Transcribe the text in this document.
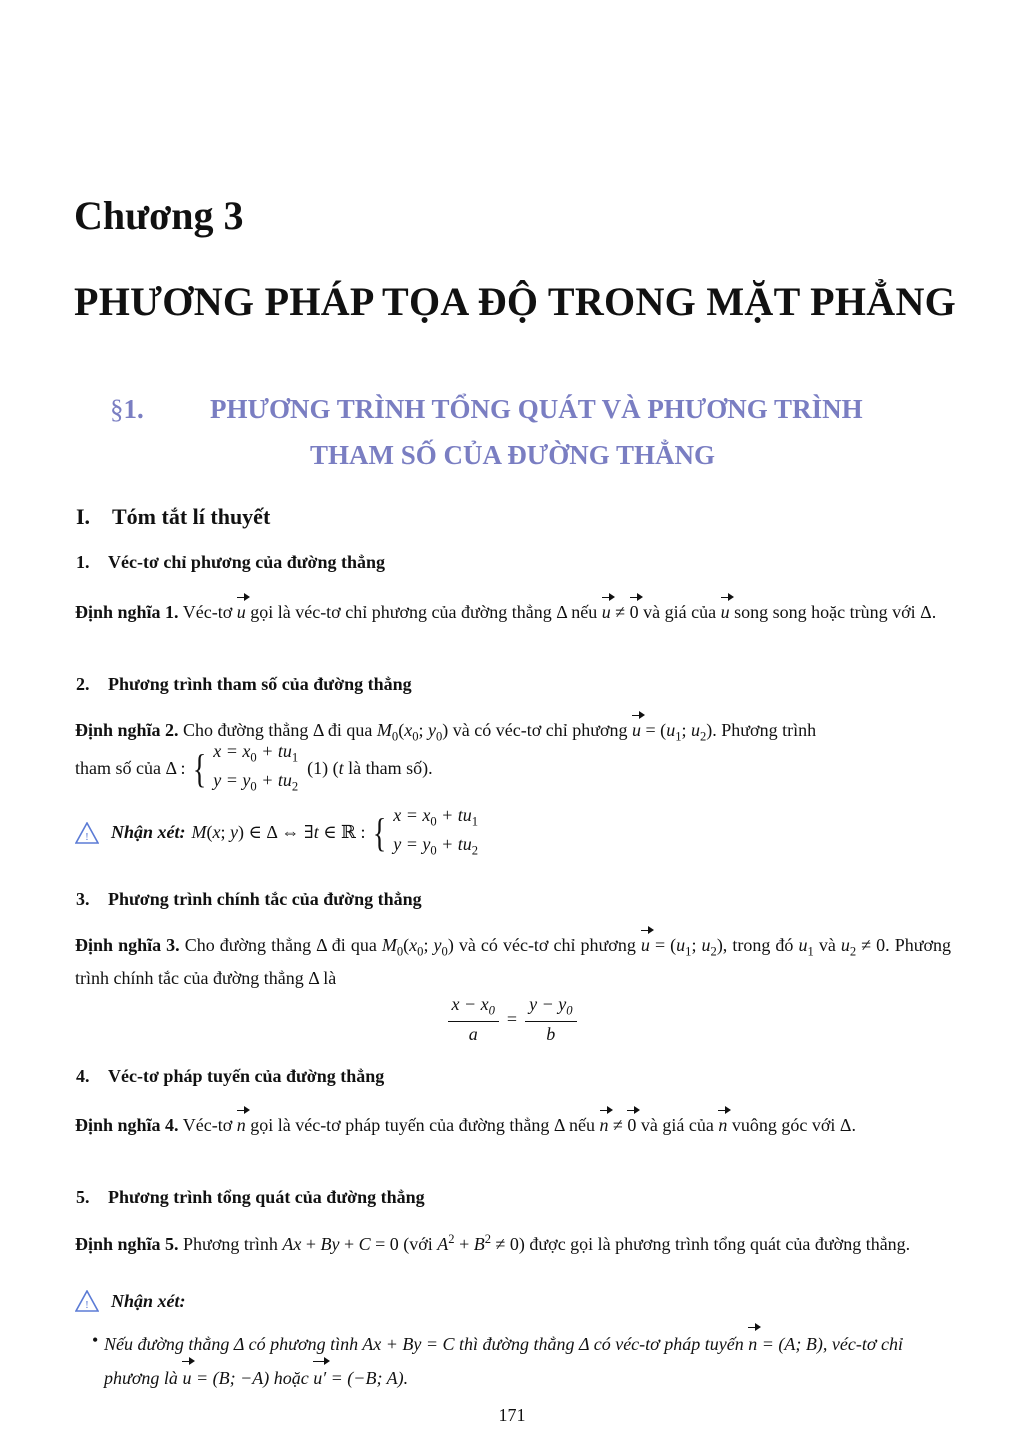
Chương 3
PHƯƠNG PHÁP TỌA ĐỘ TRONG MẶT PHẲNG
§1. PHƯƠNG TRÌNH TỔNG QUÁT VÀ PHƯƠNG TRÌNH
THAM SỐ CỦA ĐƯỜNG THẲNG
I. Tóm tắt lí thuyết
1. Véc-tơ chỉ phương của đường thẳng

Định nghĩa 1. Véc-tơ u gọi là véc-tơ chỉ phương của đường thẳng Δ nếu u ≠ 0 và giá của u song song hoặc trùng với Δ.

2. Phương trình tham số của đường thẳng

Định nghĩa 2. Cho đường thẳng Δ đi qua $M_0(x_0$; $y_0$) và có véc-tơ chỉ phương $u = (u_1$; $u_2$). Phương trình

tham số của Δ : { $x = x_0 + tu_1$
$y = y_0 + tu_2$
(1) (t là tham số).
! Nhận xét: M(x; y) ∈ Δ ⇔ ∃t ∈ ℝ : { $x = x_0 + tu_1$
$y = y_0 + tu_2$
3. Phương trình chính tắc của đường thẳng

Định nghĩa 3. Cho đường thẳng Δ đi qua $M_0(x_0$; $y_0$) và có véc-tơ chỉ phương $u = (u_1$; $u_2$), trong đó $u_1$ và $u_2 \ne 0$. Phương trình chính tắc của đường thẳng Δ là

$\frac{x - x_0}{a} = \frac{y - y_0}{b}$
4. Véc-tơ pháp tuyến của đường thẳng

Định nghĩa 4. Véc-tơ n gọi là véc-tơ pháp tuyến của đường thẳng Δ nếu n ≠ 0 và giá của n vuông góc với Δ.

5. Phương trình tổng quát của đường thẳng

Định nghĩa 5. Phương trình Ax + By + C = 0 (với $A^2 + B^2 \ne 0$) được gọi là phương trình tổng quát của đường thẳng.

! Nhận xét:

• Nếu đường thẳng Δ có phương tình Ax + By = C thì đường thẳng Δ có véc-tơ pháp tuyến n = (A; B), véc-tơ chỉ phương là u = (B; −A) hoặc u′ = (−B; A).

171
